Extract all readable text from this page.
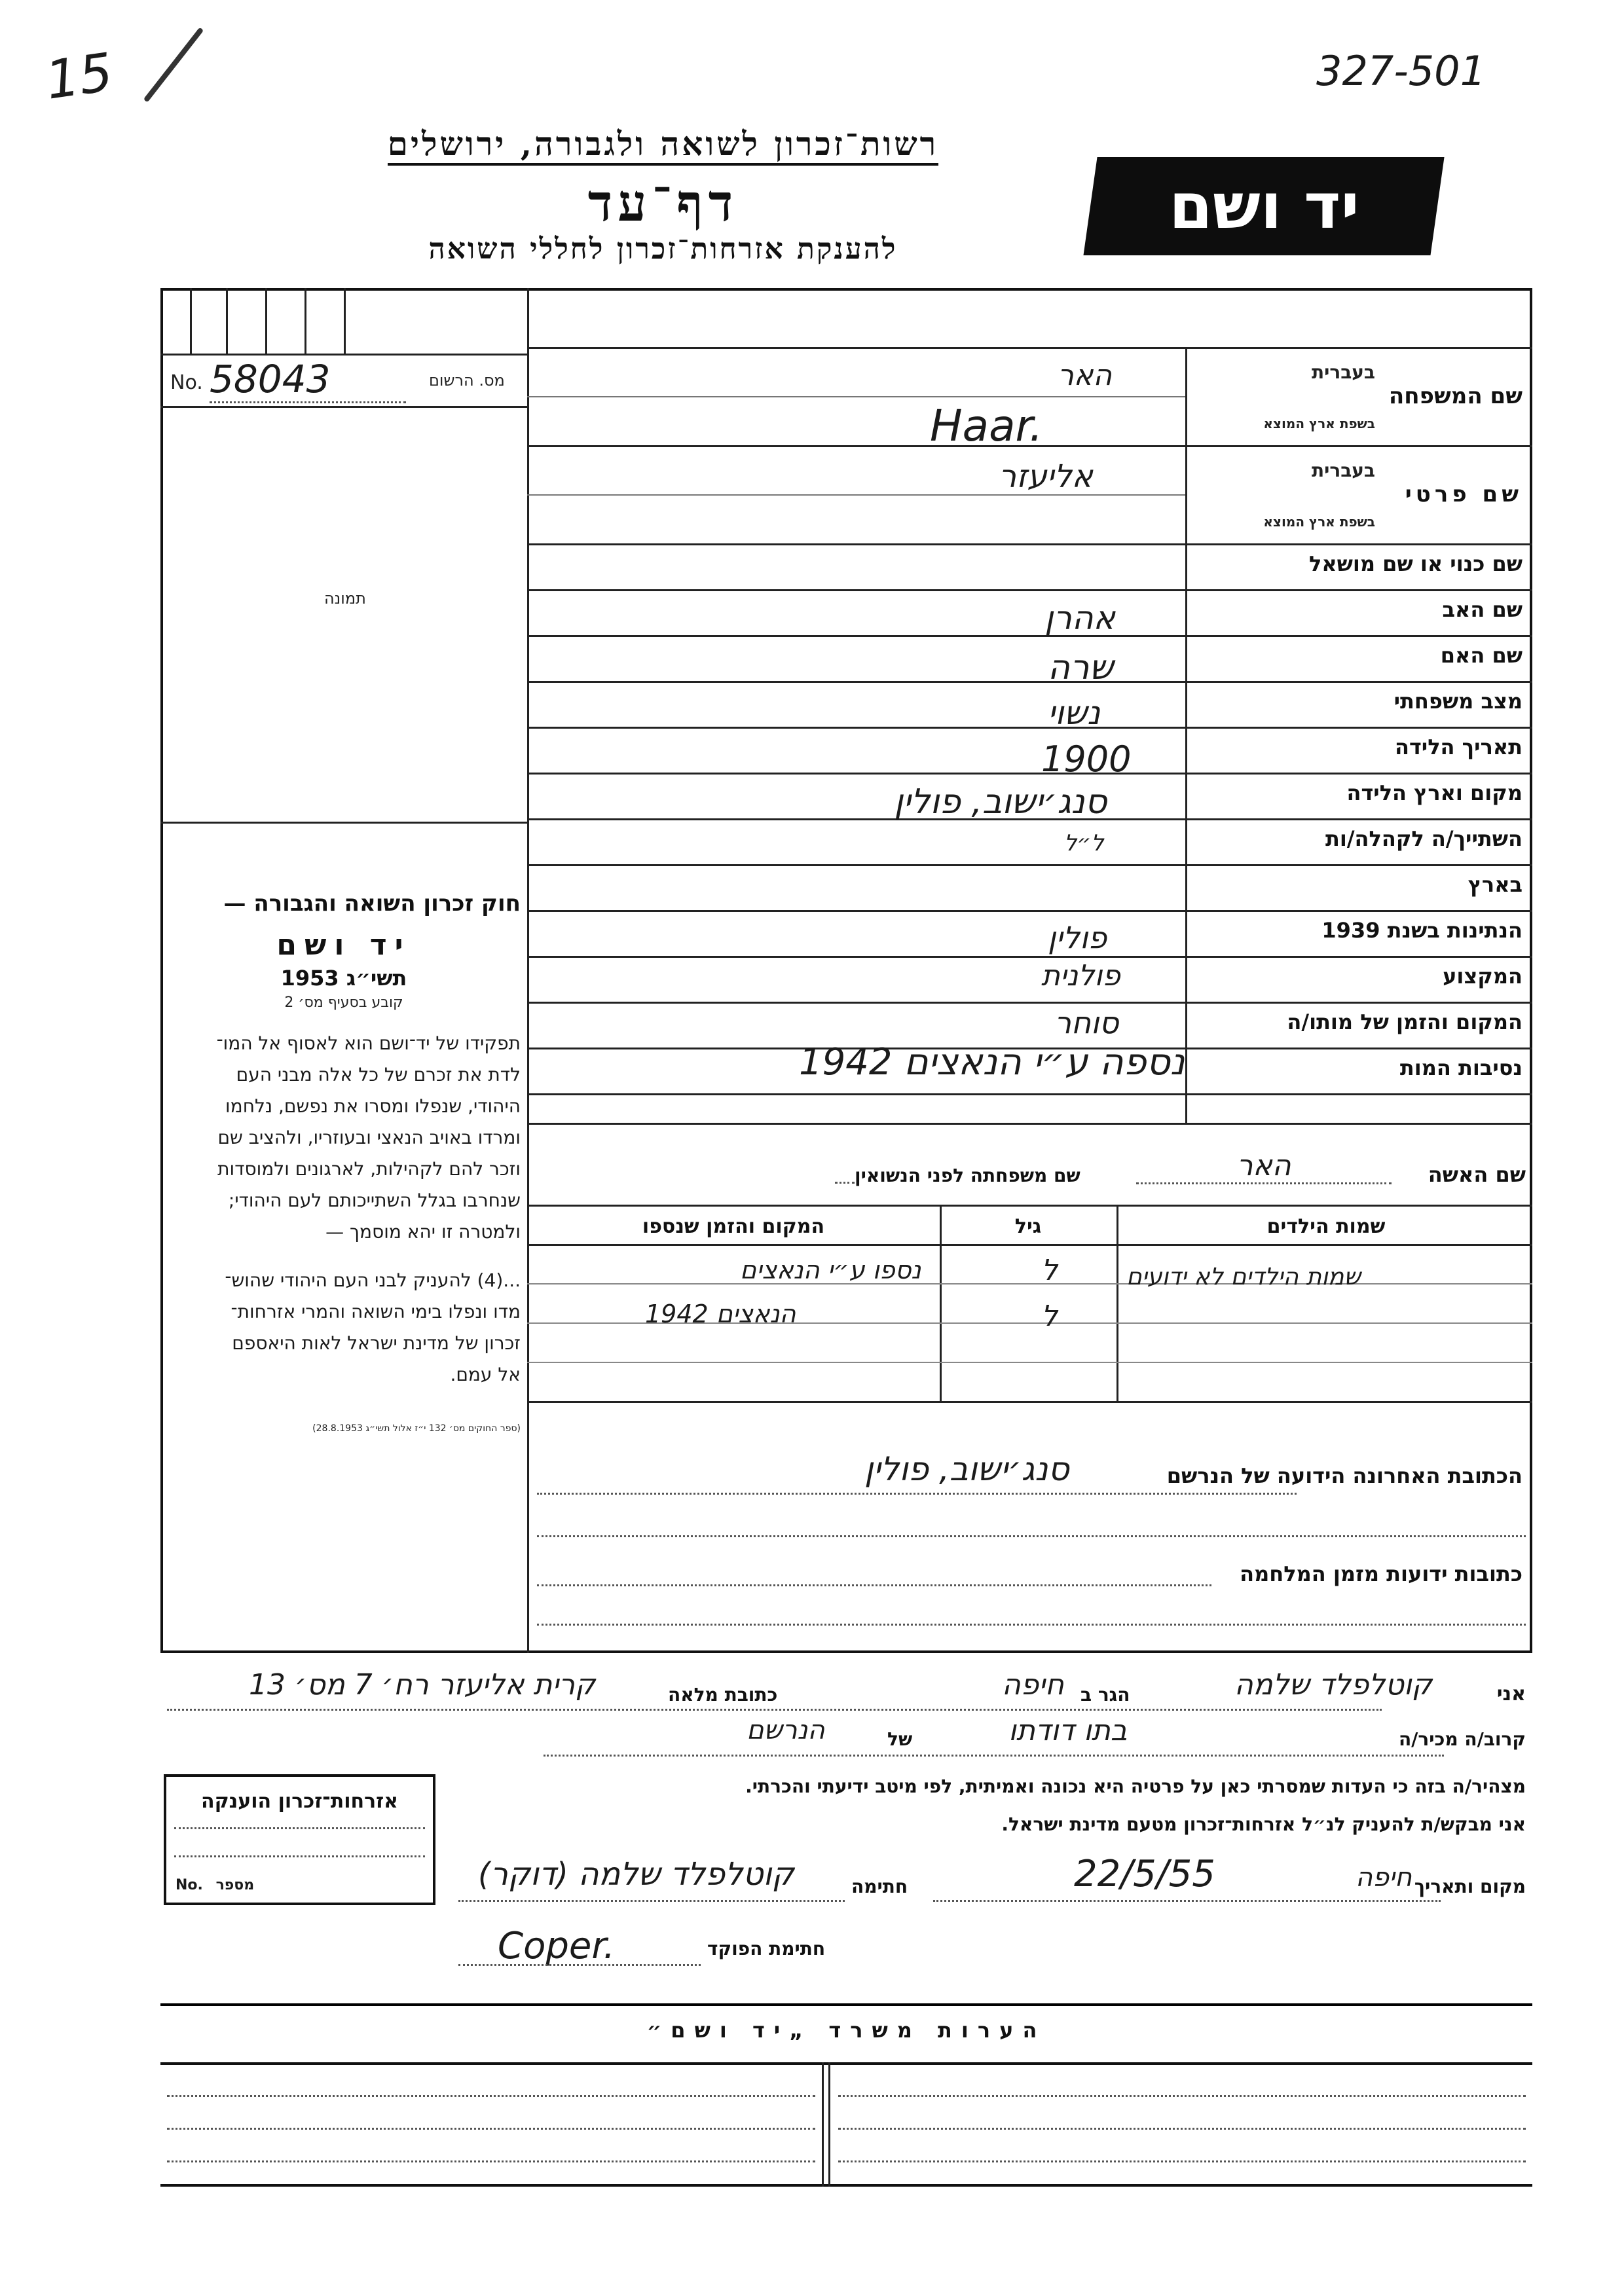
15	327-501
רשות־זכרון לשואה ולגבורה, ירושלים
דף־עד
להענקת אזרחות־זכרון לחללי השואה
יד ושם
No. 58043	מס. הרשום
תמונה

חוק זכרון השואה והגבורה —

יד ושם

תשי״ג 1953

קובע בסעיף מס׳ 2

תפקידו של יד־ושם הוא לאסוף אל המו־

לדת את זכרם של כל אלה מבני העם

היהודי, שנפלו ומסרו את נפשם, נלחמו

ומרדו באויב הנאצי ובעוזריו, ולהציב שם

וזכר להם לקהילות, לארגונים ולמוסדות

שנחרבו בגלל השתייכותם לעם היהודי;

ולמטרה זו יהא מוסמך —

...(4) להעניק לבני העם היהודי שהוש־

מדו ונפלו בימי השואה והמרי אזרחות־

זכרון של מדינת ישראל לאות היאספם

אל עמם.

(ספר החוקים מס׳ 132 י״ז אלול תשי״ג 28.8.1953)

שם המשפחה
בעברית
בשפת ארץ המוצא
שם פרטי
בעברית
בשפת ארץ המוצא
שם כנוי או שם מושאל
שם האב
שם האם
מצב משפחתי
תאריך הלידה
מקום וארץ הלידה
השתייך/ה לקהלה/ות
בארץ
הנתינות בשנת 1939
המקצוע
המקום והזמן של מותו/ה
נסיבות המות
האר
Haar.
אליעזר
אהרן
שרה
נשוי
1900
סנג׳ישוב, פולין
ל״ל
פולין
פולנית
סוחר
נספה ע״י הנאצים 1942
שם האשה
האר
שם משפחתה לפני הנשואין
שמות הילדים
גיל
המקום והזמן שנספו
שמות הילדים לא ידועים
ל
ל
נספו ע״י הנאצים
1942 הנאצים
הכתובת האחרונה הידועה של הנרשם
סנג׳ישוב, פולין
כתובות ידועות מזמן המלחמה
אני
קוטלפלד שלמה
הגר ב
חיפה
כתובת מלאה
קרית אליעזר רח׳ 7 מס׳ 13
קרוב/ה מכיר/ה
בתו דודתו
של
הנרשם
מצהיר/ה בזה כי העדות שמסרתי כאן על פרטיה היא נכונה ואמיתית, לפי מיטב ידיעתי והכרתי.
אני מבקש/ת להעניק לנ״ל אזרחות־זכרון מטעם מדינת ישראל.
מקום ותאריך
חיפה
22/5/55
חתימה
קוטלפלד שלמה (דוקר)
חתימת הפוקד
Coper.
אזרחות־זכרון הוענקה
No. מספר
הערות משרד „יד ושם״
